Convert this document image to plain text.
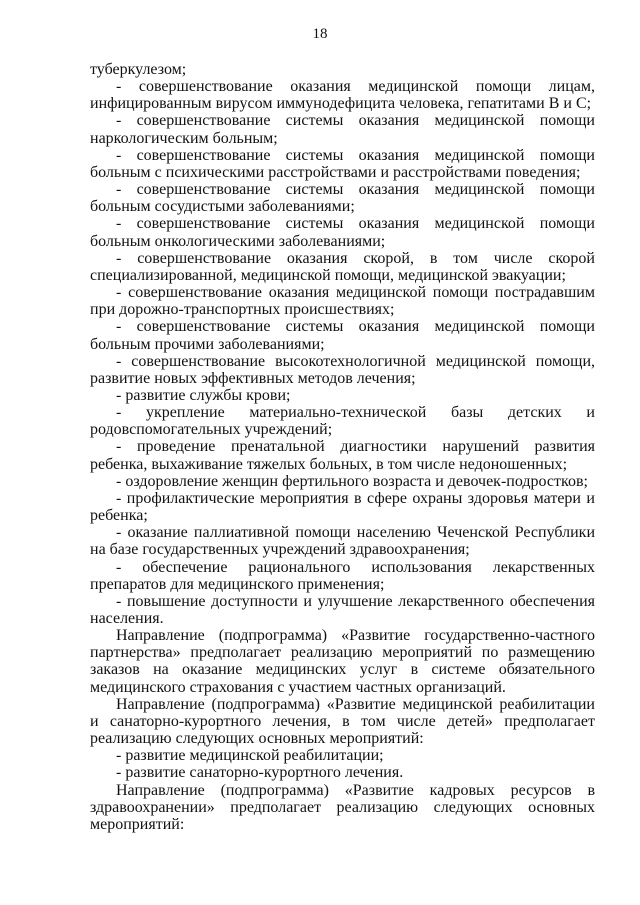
18

туберкулезом;

- совершенствование оказания медицинской помощи лицам, инфицированным вирусом иммунодефицита человека, гепатитами В и С;

- совершенствование системы оказания медицинской помощи наркологическим больным;

- совершенствование системы оказания медицинской помощи больным с психическими расстройствами и расстройствами поведения;

- совершенствование системы оказания медицинской помощи больным сосудистыми заболеваниями;

- совершенствование системы оказания медицинской помощи больным онкологическими заболеваниями;

- совершенствование оказания скорой, в том числе скорой специализированной, медицинской помощи, медицинской эвакуации;

- совершенствование оказания медицинской помощи пострадавшим при дорожно-транспортных происшествиях;

- совершенствование системы оказания медицинской помощи больным прочими заболеваниями;

- совершенствование высокотехнологичной медицинской помощи, развитие новых эффективных методов лечения;

- развитие службы крови;

- укрепление материально-технической базы детских и родовспомогательных учреждений;

- проведение пренатальной диагностики нарушений развития ребенка, выхаживание тяжелых больных, в том числе недоношенных;

- оздоровление женщин фертильного возраста и девочек-подростков;

- профилактические мероприятия в сфере охраны здоровья матери и ребенка;

- оказание паллиативной помощи населению Чеченской Республики на базе государственных учреждений здравоохранения;

- обеспечение рационального использования лекарственных препаратов для медицинского применения;

- повышение доступности и улучшение лекарственного обеспечения населения.

Направление (подпрограмма) «Развитие государственно-частного партнерства» предполагает реализацию мероприятий по размещению заказов на оказание медицинских услуг в системе обязательного медицинского страхования с участием частных организаций.

Направление (подпрограмма) «Развитие медицинской реабилитации и санаторно-курортного лечения, в том числе детей» предполагает реализацию следующих основных мероприятий:

- развитие медицинской реабилитации;

- развитие санаторно-курортного лечения.

Направление (подпрограмма) «Развитие кадровых ресурсов в здравоохранении» предполагает реализацию следующих основных мероприятий:
